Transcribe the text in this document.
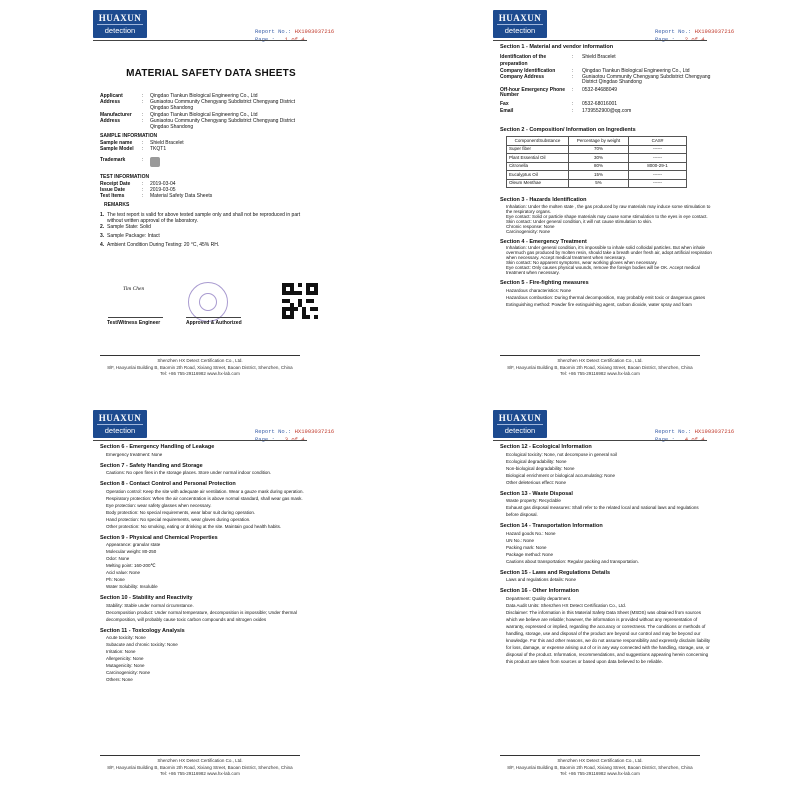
HUAXUN
detection	Report No.: HX1903037216
Page : 1 of 4
MATERIAL SAFETY DATA SHEETS
Applicant	:	Qingdao Tiankun Biological Engineering Co., Ltd
Address	:	Guniaotou Community Chengyang Subdistrict Chengyang District Qingdao Shandong
Manufacturer	:	Qingdao Tiankun Biological Engineering Co., Ltd
Address	:	Guniaotou Community Chengyang Subdistrict Chengyang District Qingdao Shandong
SAMPLE INFORMATION
Sample name	:	Shield Bracelet
Sample Model	:	TKQT1
Trademark	:
TEST INFORMATION
Receipt Date	:	2019-03-04
Issue Date	:	2019-03-05
Test Items	:	Material Safety Data Sheets
REMARKS
1. The test report is valid for above tested sample only and shall not be reproduced in part without written approval of the laboratory.
2. Sample State: Solid
3. Sample Package: Intact
4. Ambient Condition During Testing: 20 °C, 45% RH.
Tim Chen
Test/Witness Engineer	Approved & Authorized
Shenzhen HX Detect Certification Co., Ltd.
8/F, Haoyunlai Building B, Baomin 2th Road, Xixiang Street, Baoan District, Shenzhen, China
Tel: +86 755-29116982 www.hx-lab.com
HUAXUN
detection	Report No.: HX1903037216
Page : 2 of 4
Section 1 - Material and vendor information
Identification of the preparation
:	Shield Bracelet
Company Identification	:	Qingdao Tiankun Biological Engineering Co., Ltd
Company Address	:	Guniaotou Community Chengyang Subdistrict Chengyang District Qingdao Shandong
Off-hour Emergency Phone Number
:	0532-84688049
Fax	:	0532-68016001
Email	:	1739552900@qq.com
Section 2 - Composition/ Information on Ingredients
Component/Substance	Percentage by weight	CAS#
Super fiber	70%	------
Plant Essential Oil	30%	------
Citronella	80%	8000-29-1
Eucalyptus Oil	15%	------
Oleum Menthae	5%	------
Section 3 - Hazards Identification
Inhalation: Under the molten state , the gas produced by raw materials may induce some stimulation to the respiratory organs.
Eye contact: Solid or particle shape materials may cause some stimulation to the eyes in eye contact.
Skin contact: Under general condition, it will not cause stimulation to skin.
Chronic response: None
Carcinogenicity: None
Section 4 - Emergency Treatment
Inhalation: Under general condition, it's impossible to inhale solid colloidal particles. But when inhale overmuch gas produced by molten resin, should take a breath under fresh air, adopt artificial respiration when necessary. Accept medical treatment when necessary.
Skin contact: No apparent symptoms, wear working gloves when necessary.
Eye contact: Only causes physical wounds, remove the foreign bodies will be OK. Accept medical treatment when necessary.
Section 5 - Fire-fighting measures
Hazardous characteristics: None
Hazardous combustion: During thermal decomposition, may probably emit toxic or dangerous gases
Extinguishing method: Powder fire extinguishing agent, carbon dioxide, water spray and foam
Shenzhen HX Detect Certification Co., Ltd.
8/F, Haoyunlai Building B, Baomin 2th Road, Xixiang Street, Baoan District, Shenzhen, China
Tel: +86 755-29116982 www.hx-lab.com
HUAXUN
detection	Report No.: HX1903037216
Page : 3 of 4
Section 6 - Emergency Handling of Leakage
Emergency treatment: None
Section 7 - Safety Handing and Storage
Cautions: No open fires in the storage places. Store under normal indoor condition.
Section 8 - Contact Control and Personal Protection
Operation control: Keep the site with adequate air ventilation. Wear a gauze mask during operation.
Respiratory protection: When the air concentration is above normal standard, shall wear gas mask.
Eye protection: wear safety glasses when necessary.
Body protection: No special requirements, wear labor suit during operation.
Hand protection: No special requirements, wear gloves during operation.
Other protection: No smoking, eating or drinking at the site. Maintain good health habits.
Section 9 - Physical and Chemical Properties
Appearance: granular state
Molecular weight: 80-250
Odor: None
Melting point: 160-200℃
Acid value: None
Ph: None
Water Solubility: Insoluble
Section 10 - Stability and Reactivity
Stability: Stable under normal circumstance.
Decomposition product: Under normal temperature, decomposition is impossible; Under thermal decomposition, will probably cause toxic carbon compounds and nitrogen oxides
Section 11 - Toxicology Analysis
Acute toxicity: None
Subacute and chronic toxicity: None
Irritation: None
Allergenicity: None
Mutagenicity: None
Carcinogenicity: None
Others: None
Shenzhen HX Detect Certification Co., Ltd.
8/F, Haoyunlai Building B, Baomin 2th Road, Xixiang Street, Baoan District, Shenzhen, China
Tel: +86 755-29116982 www.hx-lab.com
HUAXUN
detection	Report No.: HX1903037216
Page : 4 of 4
Section 12 - Ecological Information
Ecological toxicity: None, not decompose in general soil
Ecological degradability: None
Non-biological degradability: None
Biological enrichment or biological accumulating: None
Other deleterious effect: None
Section 13 - Waste Disposal
Waste property: Recyclable
Exhaust gas disposal measures: Shall refer to the related local and national laws and regulations before disposal.
Section 14 - Transportation Information
Hazard goods No.: None
UN No.: None
Packing mark: None
Package method: None
Cautions about transportation: Regular packing and transportation.
Section 15 - Laws and Regulations Details
Laws and regulations details: None
Section 16 - Other Information
Department: Quality department.
Data Audit Units: Shenzhen HX Detect Certification Co., Ltd.
Disclaimer: The information in this Material Safety Data Sheet (MSDS) was obtained from sources which we believe are reliable; however, the information is provided without any representation of warranty, expressed or implied, regarding the accuracy or correctness. The conditions or methods of handling, storage, use and disposal of the product are beyond our control and may be beyond our knowledge. For this and other reasons, we do not assume responsibility and expressly disclaim liability for loss, damage, or expense arising out of or in any way connected with the handling, storage, use, or disposal of the product. Information, recommendations, and suggestions appearing herein concerning this product are taken from sources or based upon data believed to be reliable.
Shenzhen HX Detect Certification Co., Ltd.
8/F, Haoyunlai Building B, Baomin 2th Road, Xixiang Street, Baoan District, Shenzhen, China
Tel: +86 755-29116982 www.hx-lab.com
